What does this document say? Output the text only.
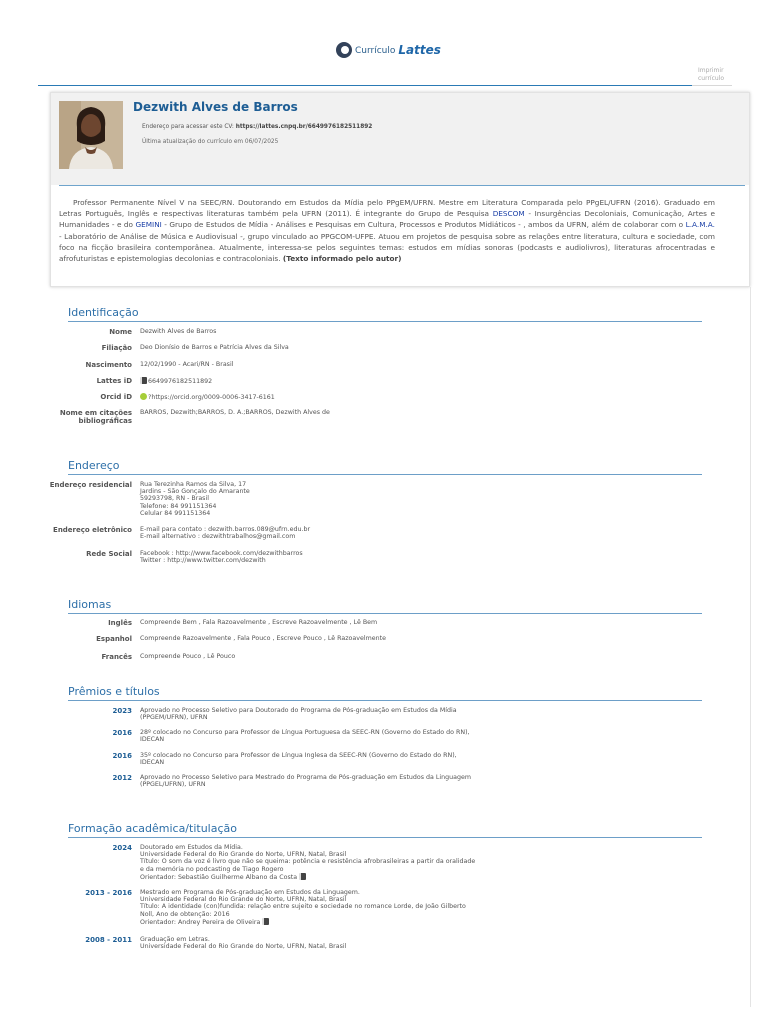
Currículo Lattes
Imprimir currículo
Dezwith Alves de Barros
Endereço para acessar este CV: https://lattes.cnpq.br/6649976182511892
Última atualização do currículo em 06/07/2025
Professor Permanente Nível V na SEEC/RN. Doutorando em Estudos da Mídia pelo PPgEM/UFRN. Mestre em Literatura Comparada pelo PPgEL/UFRN (2016). Graduado em Letras Português, Inglês e respectivas literaturas também pela UFRN (2011). É integrante do Grupo de Pesquisa DESCOM - Insurgências Decoloniais, Comunicação, Artes e Humanidades - e do GEMINI - Grupo de Estudos de Mídia - Análises e Pesquisas em Cultura, Processos e Produtos Midiáticos - , ambos da UFRN, além de colaborar com o L.A.M.A. - Laboratório de Análise de Música e Audiovisual -, grupo vinculado ao PPGCOM-UFPE. Atuou em projetos de pesquisa sobre as relações entre literatura, cultura e sociedade, com foco na ficção brasileira contemporânea. Atualmente, interessa-se pelos seguintes temas: estudos em mídias sonoras (podcasts e audiolivros), literaturas afrocentradas e afrofuturistas e epistemologias decolonias e contracoloniais. (Texto informado pelo autor)
Identificação
Nome Dezwith Alves de Barros
Filiação Deo Dionísio de Barros e Patrícia Alves da Silva
Nascimento 12/02/1990 - Acari/RN - Brasil
Lattes iD	6649976182511892
Orcid iD	?https://orcid.org/0009-0006-3417-6161
Nome em citações bibliográficas
BARROS, Dezwith;BARROS, D. A.;BARROS, Dezwith Alves de
Endereço
Endereço residencial Rua Terezinha Ramos da Silva, 17
Jardins - São Gonçalo do Amarante
59293798, RN - Brasil
Telefone: 84 991151364
Celular 84 991151364
Endereço eletrônico E-mail para contato : dezwith.barros.089@ufrn.edu.br
E-mail alternativo : dezwithtrabalhos@gmail.com
Rede Social Facebook : http://www.facebook.com/dezwithbarros
Twitter : http://www.twitter.com/dezwith
Idiomas
Inglês Compreende Bem , Fala Razoavelmente , Escreve Razoavelmente , Lê Bem
Espanhol Compreende Razoavelmente , Fala Pouco , Escreve Pouco , Lê Razoavelmente
Francês Compreende Pouco , Lê Pouco
Prêmios e títulos
2023 Aprovado no Processo Seletivo para Doutorado do Programa de Pós-graduação em Estudos da Mídia (PPGEM/UFRN), UFRN
2016 28º colocado no Concurso para Professor de Língua Portuguesa da SEEC-RN (Governo do Estado do RN), IDECAN
2016 35º colocado no Concurso para Professor de Língua Inglesa da SEEC-RN (Governo do Estado do RN), IDECAN
2012 Aprovado no Processo Seletivo para Mestrado do Programa de Pós-graduação em Estudos da Linguagem (PPGEL/UFRN), UFRN
Formação acadêmica/titulação
2024 Doutorado em Estudos da Mídia.
Universidade Federal do Rio Grande do Norte, UFRN, Natal, Brasil
Título: O som da voz é livro que não se queima: potência e resistência afrobrasileiras a partir da oralidade
e da memória no podcasting de Tiago Rogero
Orientador: Sebastião Guilherme Albano da Costa
2013 - 2016 Mestrado em Programa de Pós-graduação em Estudos da Linguagem.
Universidade Federal do Rio Grande do Norte, UFRN, Natal, Brasil
Título: A identidade (con)fundida: relação entre sujeito e sociedade no romance Lorde, de João Gilberto
Noll, Ano de obtenção: 2016
Orientador: Andrey Pereira de Oliveira
2008 - 2011 Graduação em Letras.
Universidade Federal do Rio Grande do Norte, UFRN, Natal, Brasil
